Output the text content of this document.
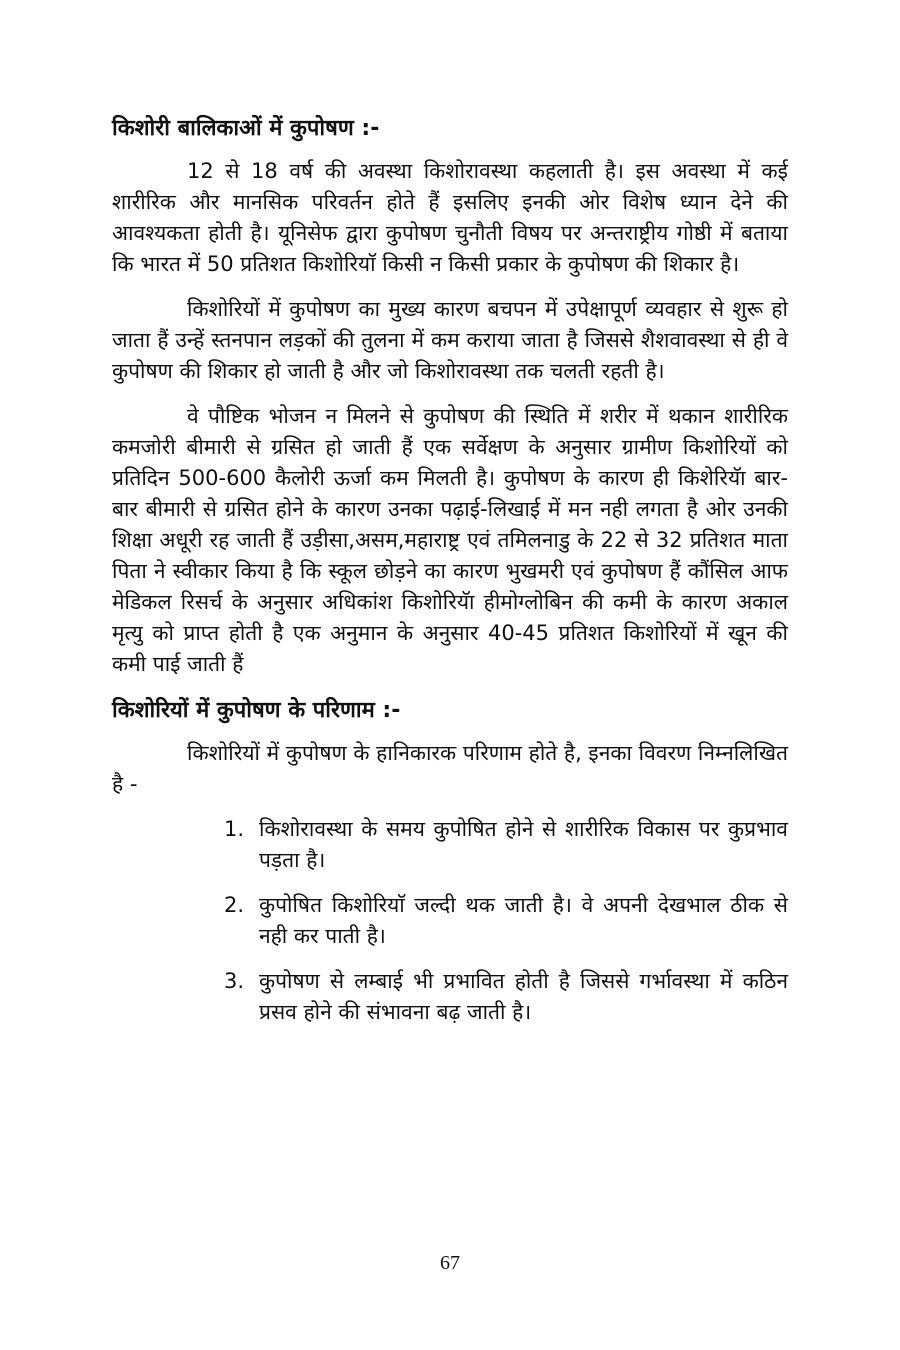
किशोरी बालिकाओं में कुपोषण :-

12 से 18 वर्ष की अवस्था किशोरावस्था कहलाती है। इस अवस्था में कई शारीरिक और मानसिक परिवर्तन होते हैं इसलिए इनकी ओर विशेष ध्यान देने की आवश्यकता होती है। यूनिसेफ द्वारा कुपोषण चुनौती विषय पर अन्तराष्ट्रीय गोष्ठी में बताया कि भारत में 50 प्रतिशत किशोरियाॅ किसी न किसी प्रकार के कुपोषण की शिकार है।

किशोरियों में कुपोषण का मुख्य कारण बचपन में उपेक्षापूर्ण व्यवहार से शुरू हो जाता हैं उन्हें स्तनपान लड़कों की तुलना में कम कराया जाता है जिससे शैशवावस्था से ही वे कुपोषण की शिकार हो जाती है और जो किशोरावस्था तक चलती रहती है।

वे पौष्टिक भोजन न मिलने से कुपोषण की स्थिति में शरीर में थकान शारीरिक कमजोरी बीमारी से ग्रसित हो जाती हैं एक सर्वेक्षण के अनुसार ग्रामीण किशोरियों को प्रतिदिन 500-600 कैलोरी ऊर्जा कम मिलती है। कुपोषण के कारण ही किशेरियॅा बार-बार बीमारी से ग्रसित होने के कारण उनका पढ़ाई-लिखाई में मन नही लगता है ओर उनकी शिक्षा अधूरी रह जाती हैं उड़ीसा,असम,महाराष्ट्र एवं तमिलनाडु के 22 से 32 प्रतिशत माता पिता ने स्वीकार किया है कि स्कूल छोड़ने का कारण भुखमरी एवं कुपोषण हैं कौंसिल आफ मेडिकल रिसर्च के अनुसार अधिकांश किशोरियॅा हीमोग्लोबिन की कमी के कारण अकाल मृत्यु को प्राप्त होती है एक अनुमान के अनुसार 40-45 प्रतिशत किशोरियों में खून की कमी पाई जाती हैं

किशोरियों में कुपोषण के परिणाम :-

किशोरियों में कुपोषण के हानिकारक परिणाम होते है, इनका विवरण निम्नलिखित है -

1. किशोरावस्था के समय कुपोषित होने से शारीरिक विकास पर कुप्रभाव पड़ता है।
2. कुपोषित किशोरियाॅ जल्दी थक जाती है। वे अपनी देखभाल ठीक से नही कर पाती है।
3. कुपोषण से लम्बाई भी प्रभावित होती है जिससे गर्भावस्था में कठिन प्रसव होने की संभावना बढ़ जाती है।
67
